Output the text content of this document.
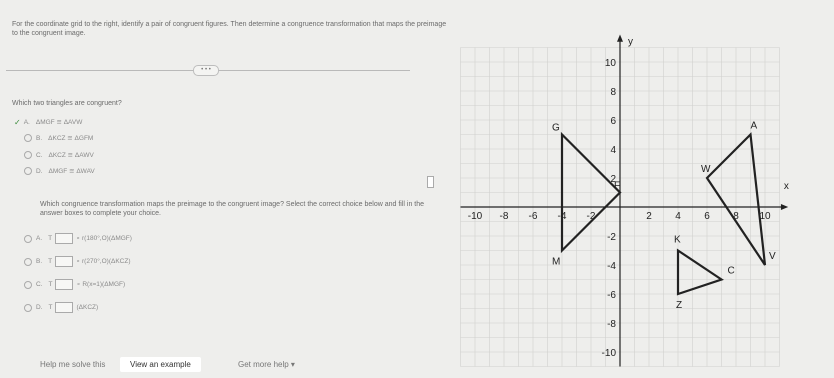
For the coordinate grid to the right, identify a pair of congruent figures. Then determine a congruence transformation that maps the preimage to the congruent image.
• • •
Which two triangles are congruent?
✓ A. ΔMGF ≅ ΔAVW
B. ΔKCZ ≅ ΔGFM
C. ΔKCZ ≅ ΔAWV
D. ΔMGF ≅ ΔWAV
Which congruence transformation maps the preimage to the congruent image? Select the correct choice below and fill in the answer boxes to complete your choice.
A. T	∘ r(180°,O)(ΔMGF)
B. T	∘ r(270°,O)(ΔKCZ)
C. T	∘ R(x=1)(ΔMGF)
D. T	(ΔKCZ)
x
y
-10 -8 -6 -4 -2	2 4 6 8 10
10
8
6
4
2
-2
-4
-6
-8
-10
G
F
M
A
W
V
K
C
Z
Help me solve this	View an example	Get more help ▾
